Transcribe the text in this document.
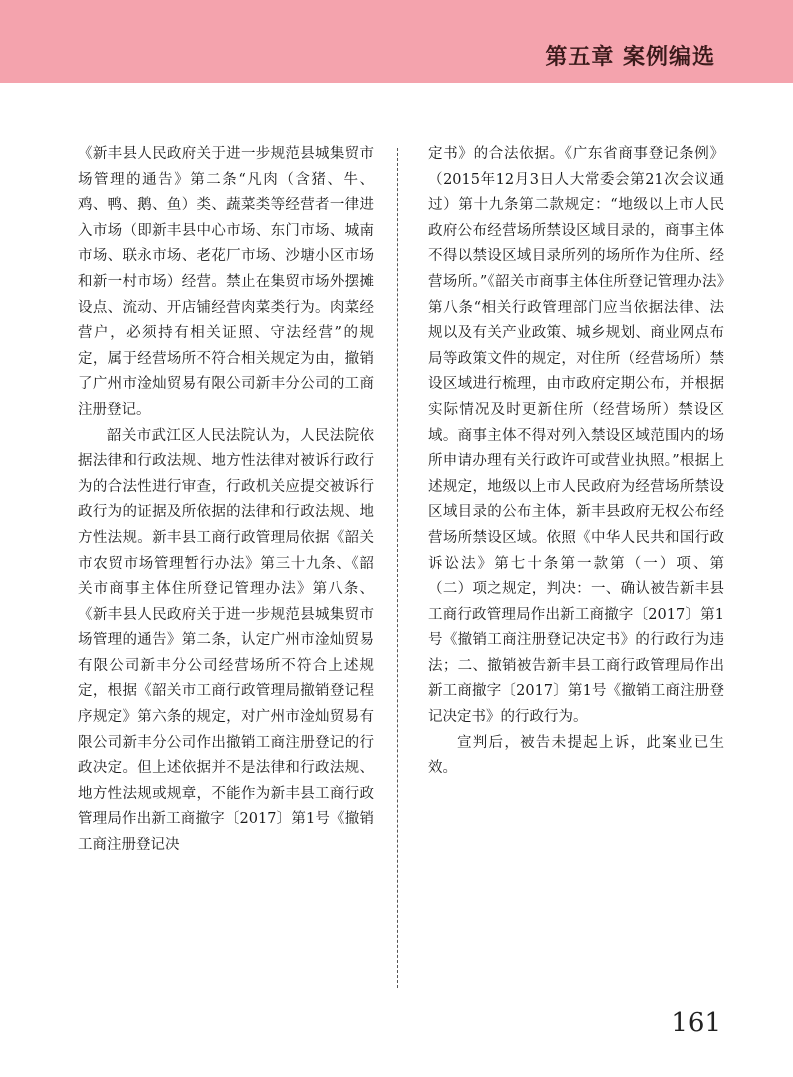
第五章 案例编选

《新丰县人民政府关于进一步规范县城集贸市场管理的通告》第二条“凡肉（含猪、牛、鸡、鸭、鹅、鱼）类、蔬菜类等经营者一律进入市场（即新丰县中心市场、东门市场、城南市场、联永市场、老花厂市场、沙塘小区市场和新一村市场）经营。禁止在集贸市场外摆摊设点、流动、开店铺经营肉菜类行为。肉菜经营户，必须持有相关证照、守法经营”的规定，属于经营场所不符合相关规定为由，撤销了广州市淦灿贸易有限公司新丰分公司的工商注册登记。

韶关市武江区人民法院认为，人民法院依据法律和行政法规、地方性法律对被诉行政行为的合法性进行审查，行政机关应提交被诉行政行为的证据及所依据的法律和行政法规、地方性法规。新丰县工商行政管理局依据《韶关市农贸市场管理暂行办法》第三十九条、《韶关市商事主体住所登记管理办法》第八条、《新丰县人民政府关于进一步规范县城集贸市场管理的通告》第二条，认定广州市淦灿贸易有限公司新丰分公司经营场所不符合上述规定，根据《韶关市工商行政管理局撤销登记程序规定》第六条的规定，对广州市淦灿贸易有限公司新丰分公司作出撤销工商注册登记的行政决定。但上述依据并不是法律和行政法规、地方性法规或规章，不能作为新丰县工商行政管理局作出新工商撤字〔2017〕第1号《撤销工商注册登记决

定书》的合法依据。《广东省商事登记条例》（2015年12月3日人大常委会第21次会议通过）第十九条第二款规定：“地级以上市人民政府公布经营场所禁设区域目录的，商事主体不得以禁设区域目录所列的场所作为住所、经营场所。”《韶关市商事主体住所登记管理办法》第八条“相关行政管理部门应当依据法律、法规以及有关产业政策、城乡规划、商业网点布局等政策文件的规定，对住所（经营场所）禁设区域进行梳理，由市政府定期公布，并根据实际情况及时更新住所（经营场所）禁设区域。商事主体不得对列入禁设区域范围内的场所申请办理有关行政许可或营业执照。”根据上述规定，地级以上市人民政府为经营场所禁设区域目录的公布主体，新丰县政府无权公布经营场所禁设区域。依照《中华人民共和国行政诉讼法》第七十条第一款第（一）项、第（二）项之规定，判决：一、确认被告新丰县工商行政管理局作出新工商撤字〔2017〕第1号《撤销工商注册登记决定书》的行政行为违法；二、撤销被告新丰县工商行政管理局作出新工商撤字〔2017〕第1号《撤销工商注册登记决定书》的行政行为。

宣判后，被告未提起上诉，此案业已生效。

161
